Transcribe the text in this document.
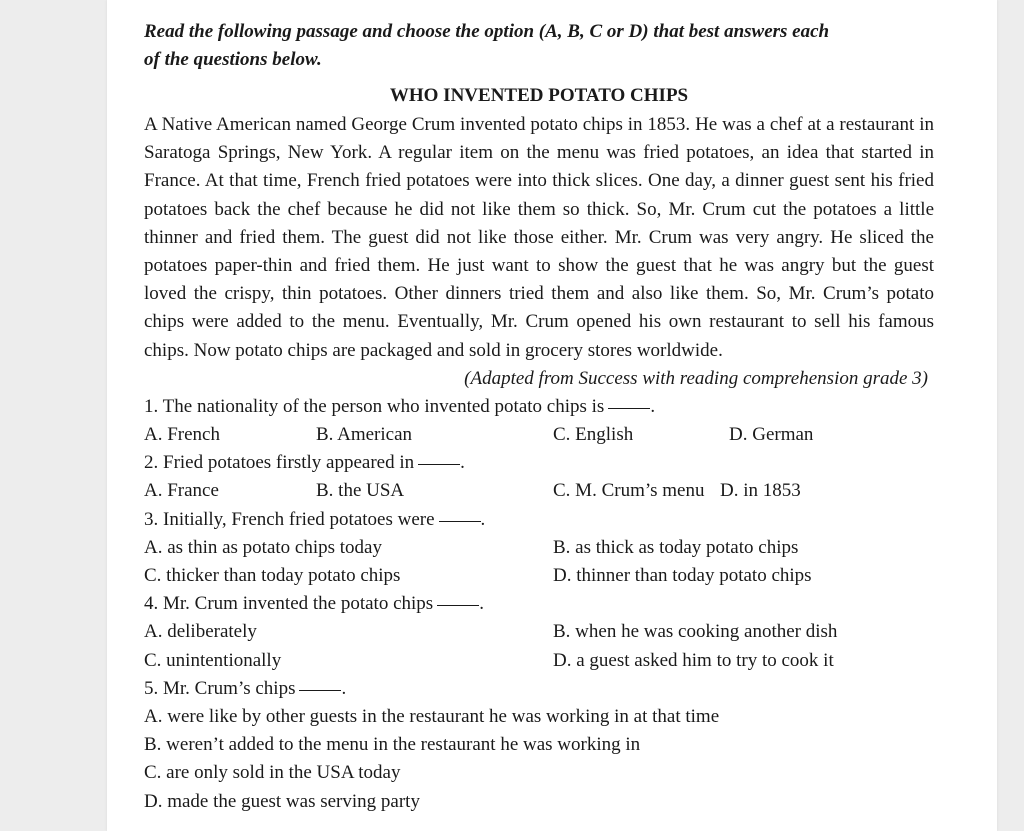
Read the following passage and choose the option (A, B, C or D) that best answers each
of the questions below.

WHO INVENTED POTATO CHIPS

A Native American named George Crum invented potato chips in 1853. He was a chef at a restaurant in Saratoga Springs, New York. A regular item on the menu was fried potatoes, an idea that started in France. At that time, French fried potatoes were into thick slices. One day, a dinner guest sent his fried potatoes back the chef because he did not like them so thick. So, Mr. Crum cut the potatoes a little thinner and fried them. The guest did not like those either. Mr. Crum was very angry. He sliced the potatoes paper-thin and fried them. He just want to show the guest that he was angry but the guest loved the crispy, thin potatoes. Other dinners tried them and also like them. So, Mr. Crum’s potato chips were added to the menu. Eventually, Mr. Crum opened his own restaurant to sell his famous chips. Now potato chips are packaged and sold in grocery stores worldwide.

(Adapted from Success with reading comprehension grade 3)

1. The nationality of the person who invented potato chips is .

A. French	B. American	C. English	D. German

2. Fried potatoes firstly appeared in .

A. France	B. the USA	C. M. Crum’s menu D. in 1853

3. Initially, French fried potatoes were .

A. as thin as potato chips today	B. as thick as today potato chips
C. thicker than today potato chips	D. thinner than today potato chips

4. Mr. Crum invented the potato chips .

A. deliberately	B. when he was cooking another dish
C. unintentionally	D. a guest asked him to try to cook it

5. Mr. Crum’s chips .

A. were like by other guests in the restaurant he was working in at that time
B. weren’t added to the menu in the restaurant he was working in
C. are only sold in the USA today
D. made the guest was serving party
